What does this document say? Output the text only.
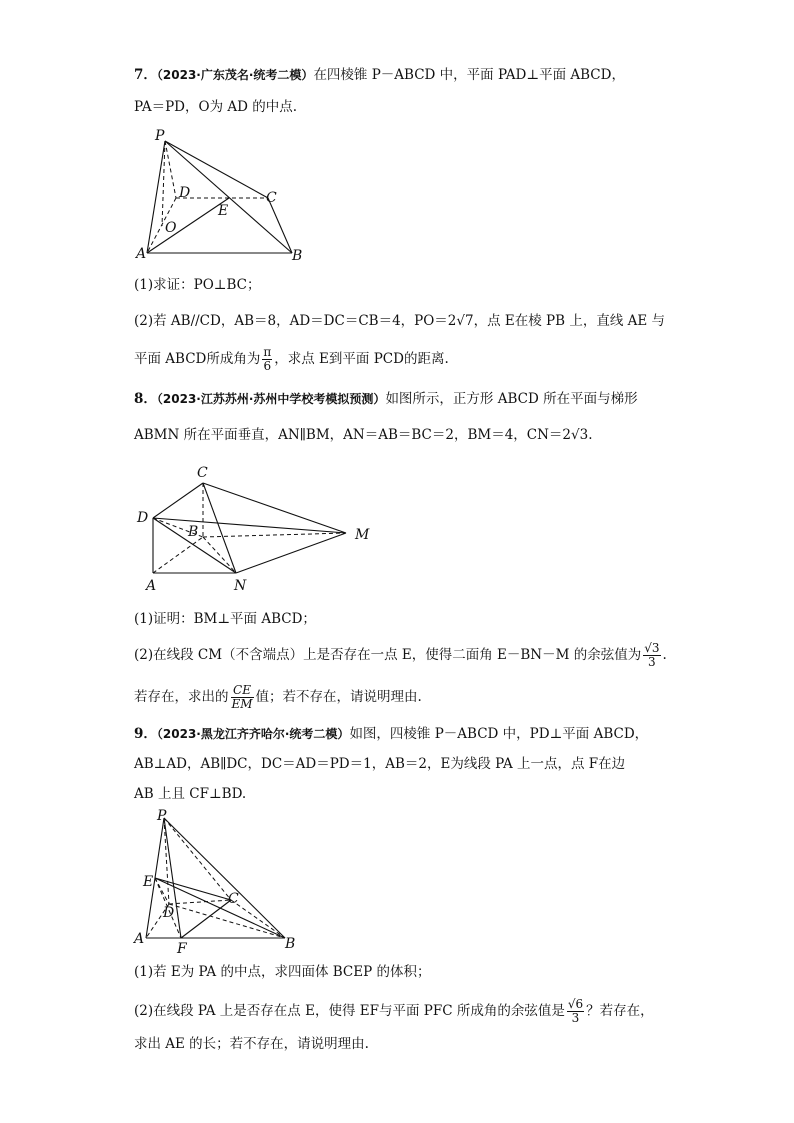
7．（2023·广东茂名·统考二模）在四棱锥 P－ABCD 中，平面 PAD⊥平面 ABCD，
PA＝PD，O为 AD 的中点.
P
D	C
E
O
A	B
(1)求证：PO⊥BC；
(2)若 AB//CD，AB＝8，AD＝DC＝CB＝4，PO＝2√7，点 E在棱 PB 上，直线 AE 与
平面 ABCD所成角为 $\frac{\pi}{6}$ ，求点 E到平面 PCD的距离.
8．（2023·江苏苏州·苏州中学校考模拟预测）如图所示，正方形 ABCD 所在平面与梯形
ABMN 所在平面垂直，AN∥BM，AN＝AB＝BC＝2，BM＝4，CN＝2√3.
C
D
B	M
A	N
(1)证明：BM⊥平面 ABCD；
(2)在线段 CM（不含端点）上是否存在一点 E，使得二面角 E－BN－M 的余弦值为 $\frac{√3}{3}$ .
若存在，求出的 $\frac{CE}{EM}$ 值；若不存在，请说明理由.
9．（2023·黑龙江齐齐哈尔·统考二模）如图，四棱锥 P－ABCD 中，PD⊥平面 ABCD，
AB⊥AD，AB∥DC，DC＝AD＝PD＝1，AB＝2，E为线段 PA 上一点，点 F在边
AB 上且 CF⊥BD.
P
E
C
D
A
F	B
(1)若 E为 PA 的中点，求四面体 BCEP 的体积；
(2)在线段 PA 上是否存在点 E，使得 EF与平面 PFC 所成角的余弦值是 $\frac{√6}{3}$ ？若存在，
求出 AE 的长；若不存在，请说明理由.
